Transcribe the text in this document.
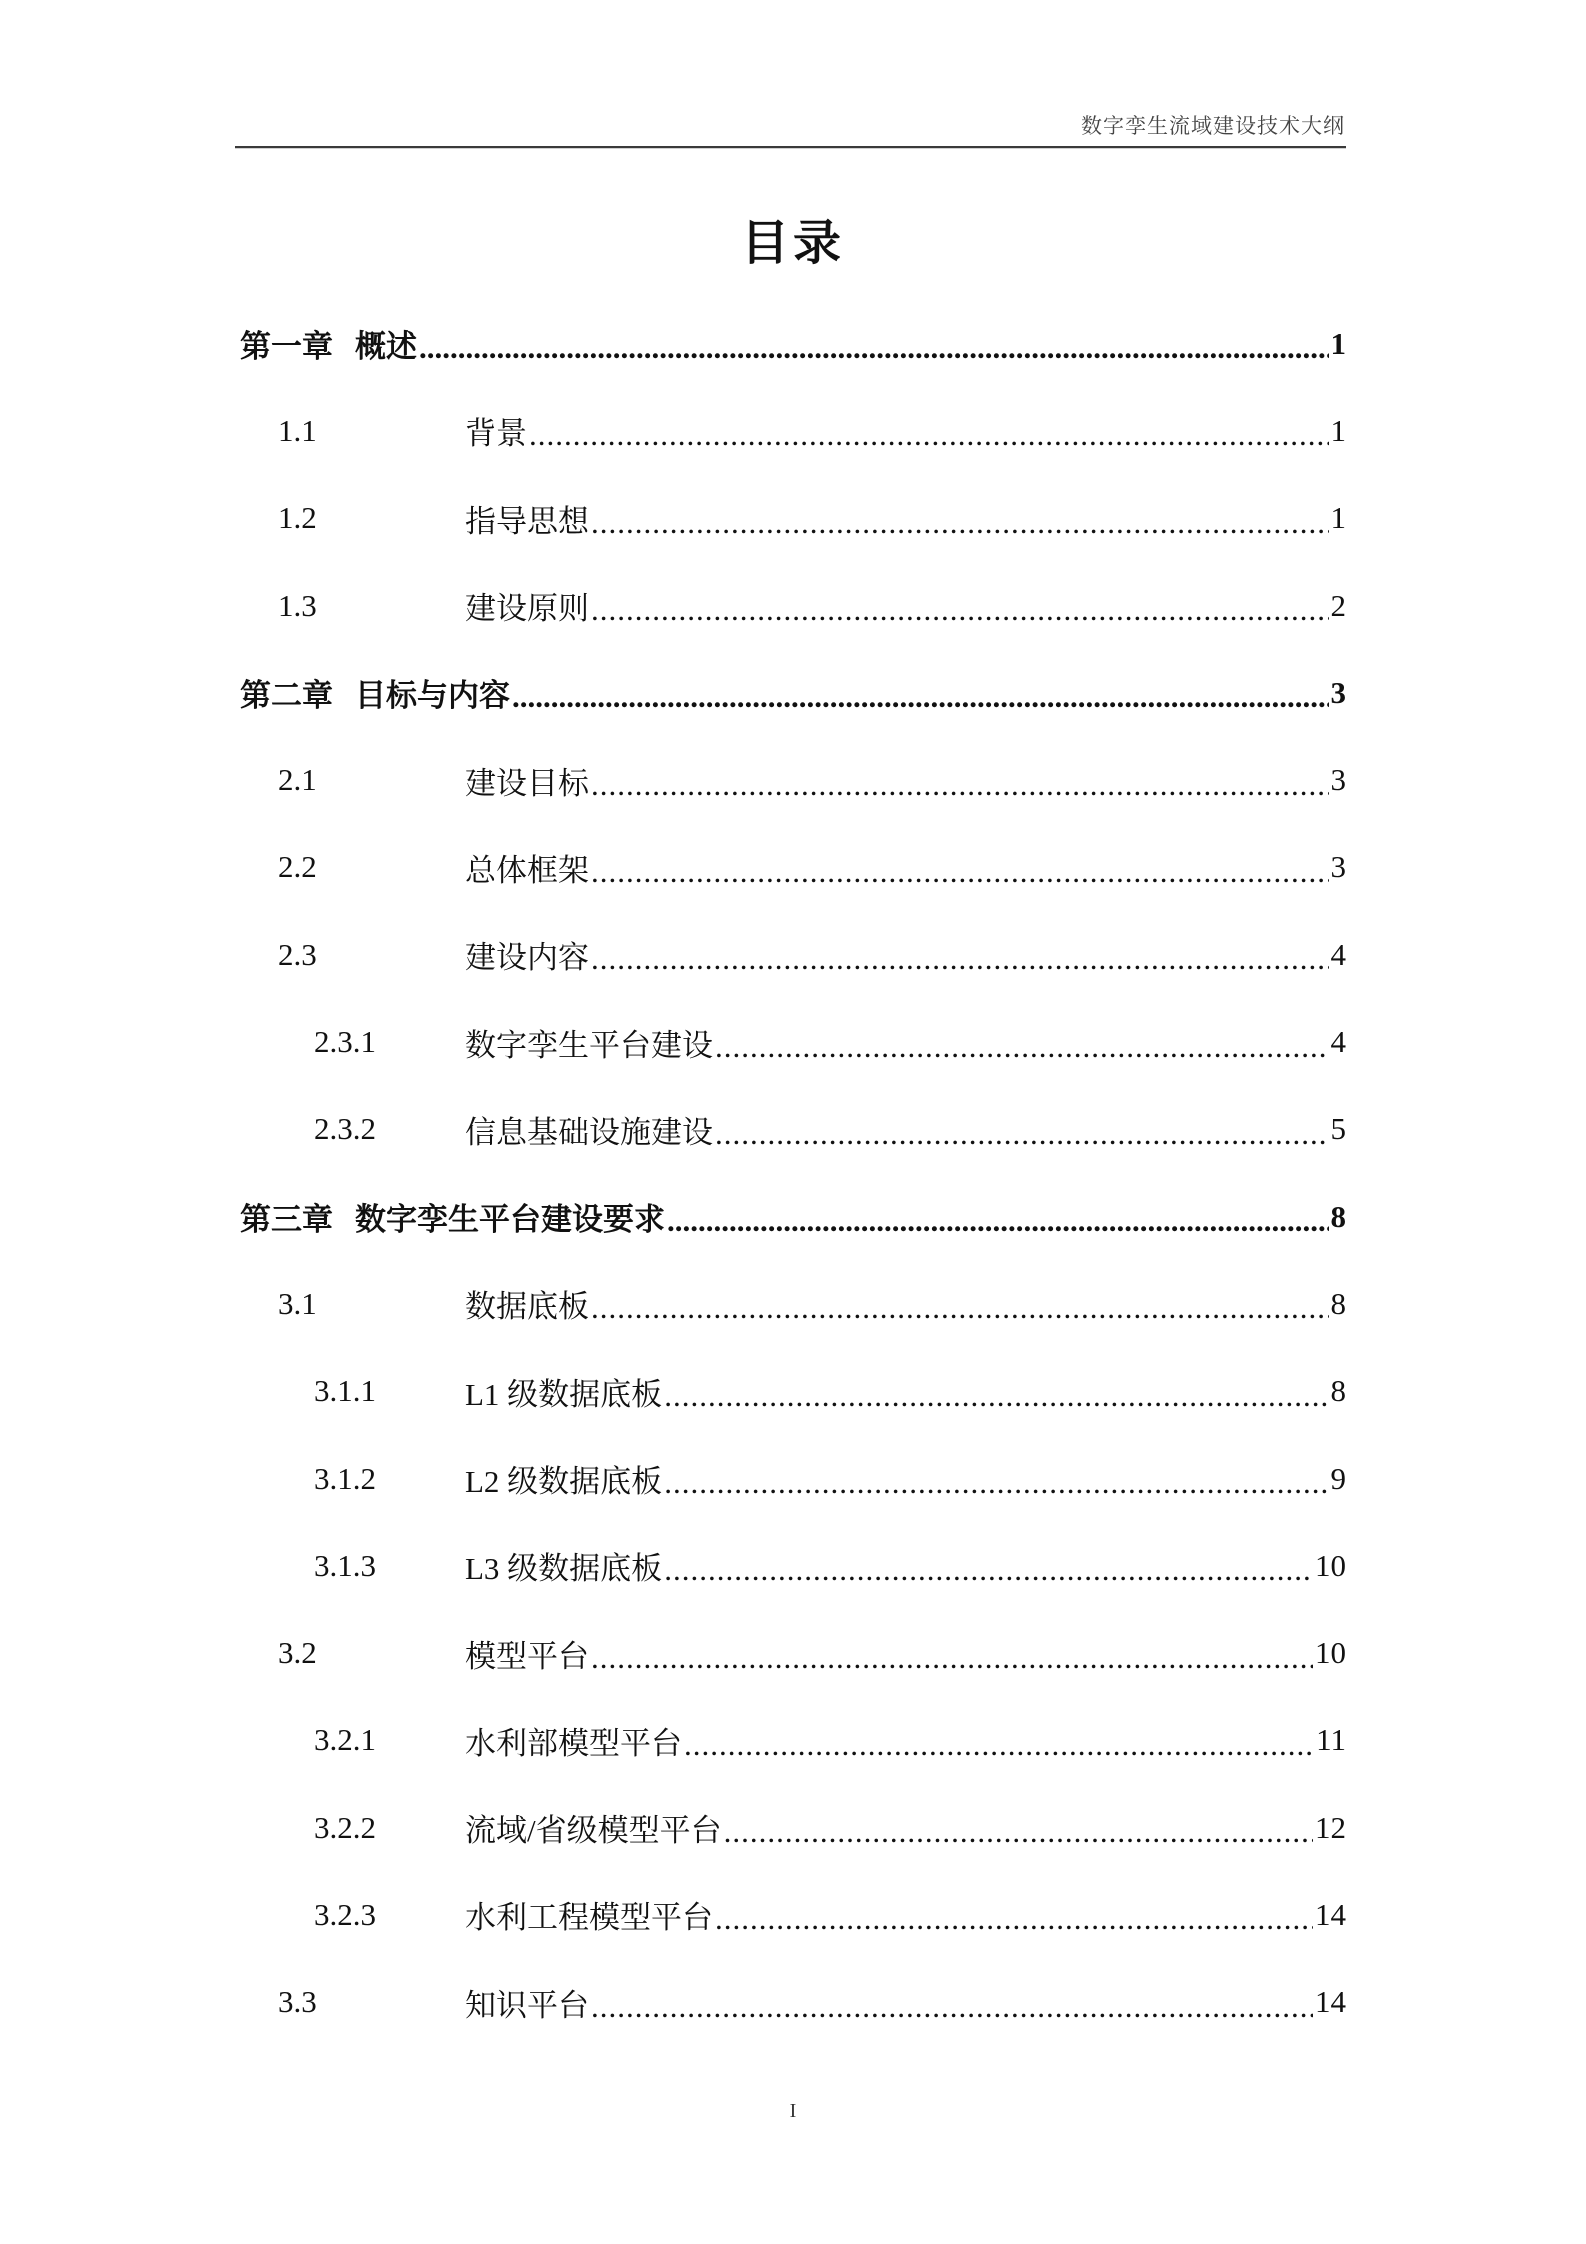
数字孪生流域建设技术大纲
目录
第一章 概述 .....	1
1.1	背景 .....	1
1.2	指导思想 .....	1
1.3	建设原则 .....	2
第二章 目标与内容 .....	3
2.1	建设目标 .....	3
2.2	总体框架 .....	3
2.3	建设内容 .....	4
2.3.1	数字孪生平台建设 .....	4
2.3.2	信息基础设施建设 .....	5
第三章 数字孪生平台建设要求 .....	8
3.1	数据底板 .....	8
3.1.1	L1 级数据底板 .....	8
3.1.2	L2 级数据底板 .....	9
3.1.3	L3 级数据底板 .....	10
3.2	模型平台 .....	10
3.2.1	水利部模型平台 .....	11
3.2.2	流域/省级模型平台 .....	12
3.2.3	水利工程模型平台 .....	14
3.3	知识平台 .....	14
I
